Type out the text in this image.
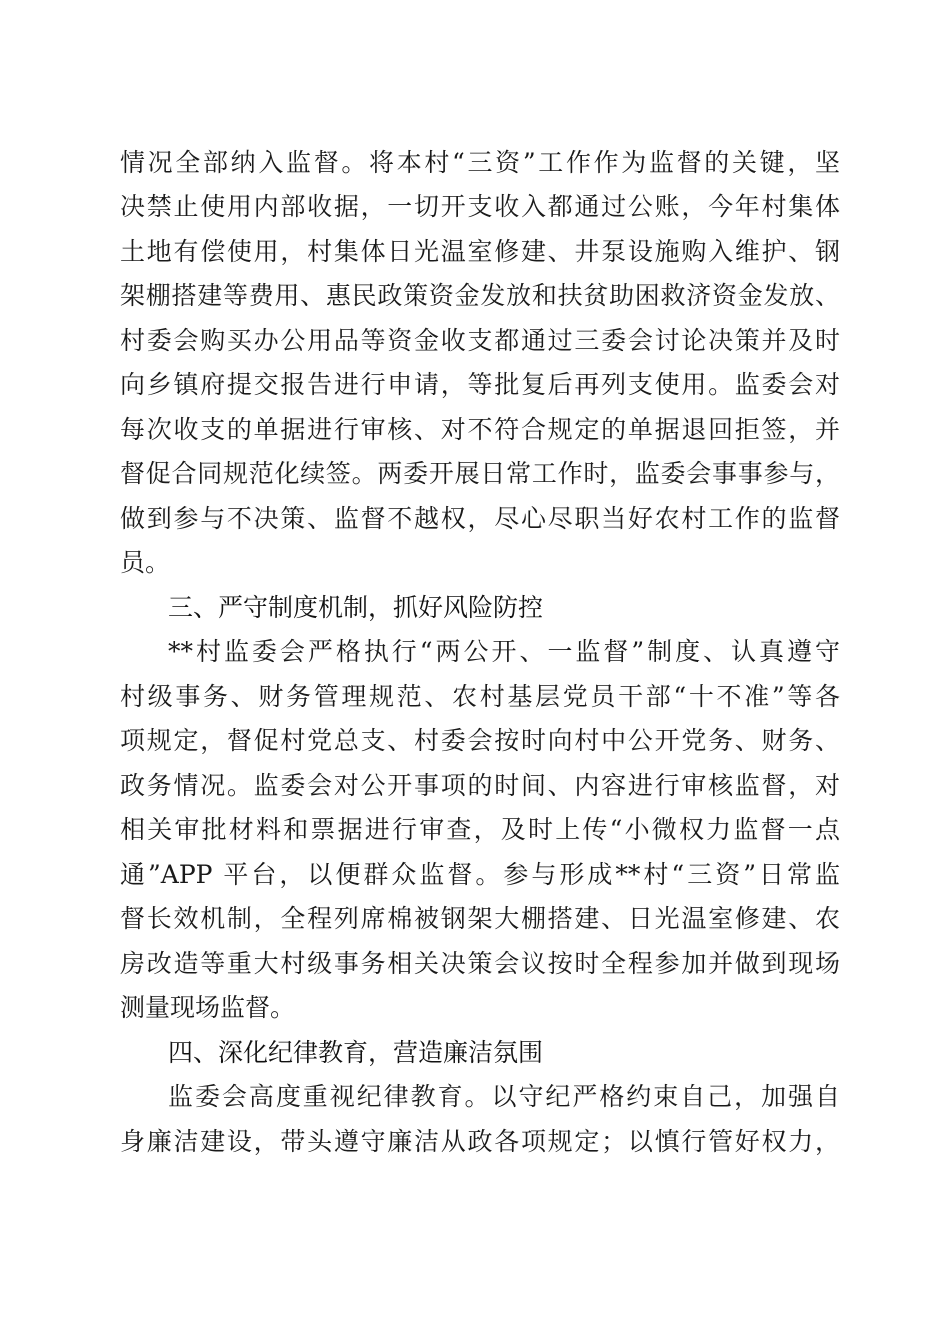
情况全部纳入监督。将本村“三资”工作作为监督的关键，坚
决禁止使用内部收据，一切开支收入都通过公账，今年村集体
土地有偿使用，村集体日光温室修建、井泵设施购入维护、钢
架棚搭建等费用、惠民政策资金发放和扶贫助困救济资金发放、
村委会购买办公用品等资金收支都通过三委会讨论决策并及时
向乡镇府提交报告进行申请，等批复后再列支使用。监委会对
每次收支的单据进行审核、对不符合规定的单据退回拒签，并
督促合同规范化续签。两委开展日常工作时，监委会事事参与，
做到参与不决策、监督不越权，尽心尽职当好农村工作的监督
员。
三、严守制度机制，抓好风险防控
**村监委会严格执行“两公开、一监督”制度、认真遵守
村级事务、财务管理规范、农村基层党员干部“十不准”等各
项规定，督促村党总支、村委会按时向村中公开党务、财务、
政务情况。监委会对公开事项的时间、内容进行审核监督，对
相关审批材料和票据进行审查，及时上传“小微权力监督一点
通”APP 平台，以便群众监督。参与形成**村“三资”日常监
督长效机制，全程列席棉被钢架大棚搭建、日光温室修建、农
房改造等重大村级事务相关决策会议按时全程参加并做到现场
测量现场监督。
四、深化纪律教育，营造廉洁氛围
监委会高度重视纪律教育。以守纪严格约束自己，加强自
身廉洁建设，带头遵守廉洁从政各项规定；以慎行管好权力，
